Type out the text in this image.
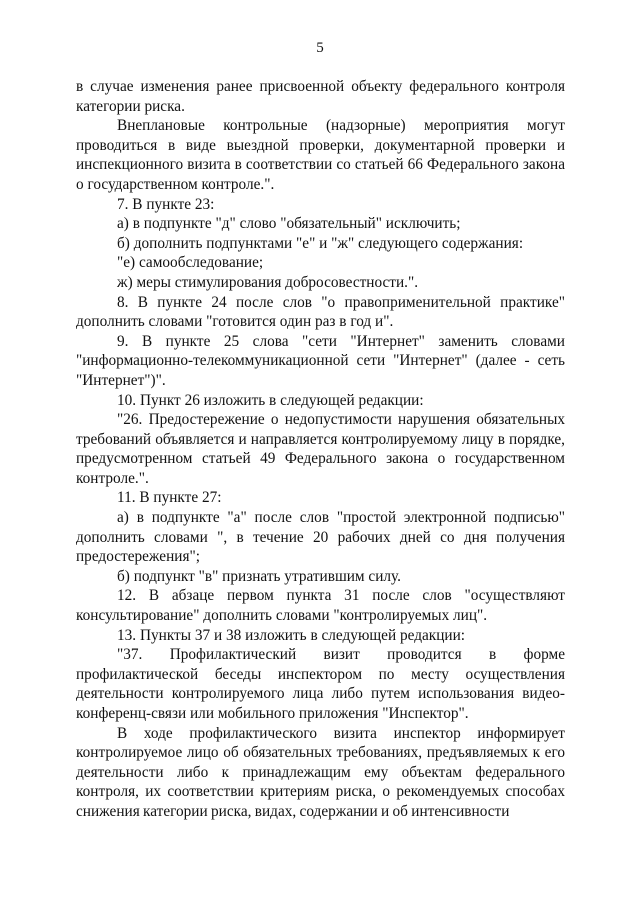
5

в случае изменения ранее присвоенной объекту федерального контроля категории риска.

Внеплановые контрольные (надзорные) мероприятия могут проводиться в виде выездной проверки, документарной проверки и инспекционного визита в соответствии со статьей 66 Федерального закона о государственном контроле.".

7. В пункте 23:

а) в подпункте "д" слово "обязательный" исключить;

б) дополнить подпунктами "е" и "ж" следующего содержания:

"е) самообследование;

ж) меры стимулирования добросовестности.".

8. В пункте 24 после слов "о правоприменительной практике" дополнить словами "готовится один раз в год и".

9. В пункте 25 слова "сети "Интернет" заменить словами "информационно-телекоммуникационной сети "Интернет" (далее - сеть "Интернет")".

10. Пункт 26 изложить в следующей редакции:

"26. Предостережение о недопустимости нарушения обязательных требований объявляется и направляется контролируемому лицу в порядке, предусмотренном статьей 49 Федерального закона о государственном контроле.".

11. В пункте 27:

а) в подпункте "а" после слов "простой электронной подписью" дополнить словами ", в течение 20 рабочих дней со дня получения предостережения";

б) подпункт "в" признать утратившим силу.

12. В абзаце первом пункта 31 после слов "осуществляют консультирование" дополнить словами "контролируемых лиц".

13. Пункты 37 и 38 изложить в следующей редакции:

"37. Профилактический визит проводится в форме профилактической беседы инспектором по месту осуществления деятельности контролируемого лица либо путем использования видео-конференц-связи или мобильного приложения "Инспектор".

В ходе профилактического визита инспектор информирует контролируемое лицо об обязательных требованиях, предъявляемых к его деятельности либо к принадлежащим ему объектам федерального контроля, их соответствии критериям риска, о рекомендуемых способах снижения категории риска, видах, содержании и об интенсивности
